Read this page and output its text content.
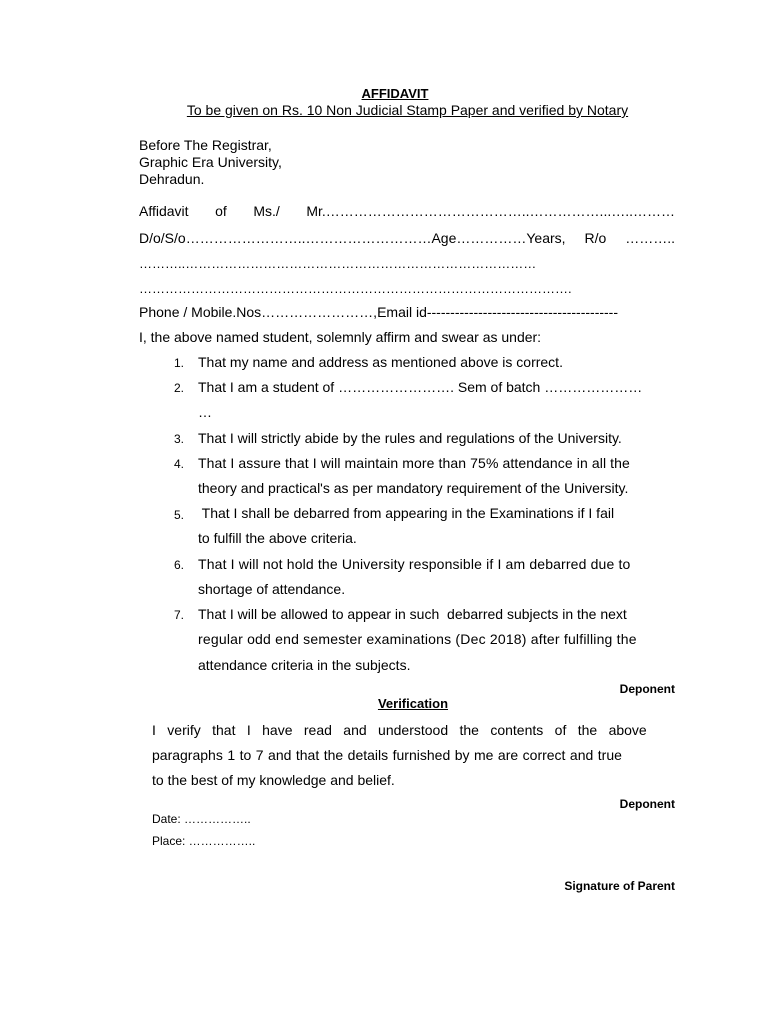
AFFIDAVIT
To be given on Rs. 10 Non Judicial Stamp Paper and verified by Notary
Before The Registrar,
Graphic Era University,
Dehradun.
Affidavit of Ms./ Mr.……………………………………..……………...…..………
D/o/S/o……………………..………………………Age……………Years, R/o ………..
………..………………………………………………………………………
……………………………………………………………………………………….
Phone / Mobile.Nos……………………,Email id-----------------------------------------
I, the above named student, solemnly affirm and swear as under:
1. That my name and address as mentioned above is correct.
2. That I am a student of ……………………. Sem of batch …………………
…
3. That I will strictly abide by the rules and regulations of the University.
4. That I assure that I will maintain more than 75% attendance in all the
theory and practical's as per mandatory requirement of the University.
5. That I shall be debarred from appearing in the Examinations if I fail
to fulfill the above criteria.
6. That I will not hold the University responsible if I am debarred due to
shortage of attendance.
7. That I will be allowed to appear in such  debarred subjects in the next
regular odd end semester examinations (Dec 2018) after fulfilling the
attendance criteria in the subjects.
Deponent
Verification
I verify that I have read and understood the contents of the above
paragraphs 1 to 7 and that the details furnished by me are correct and true
to the best of my knowledge and belief.
Deponent
Date: ……………..
Place: ……………..
Signature of Parent
